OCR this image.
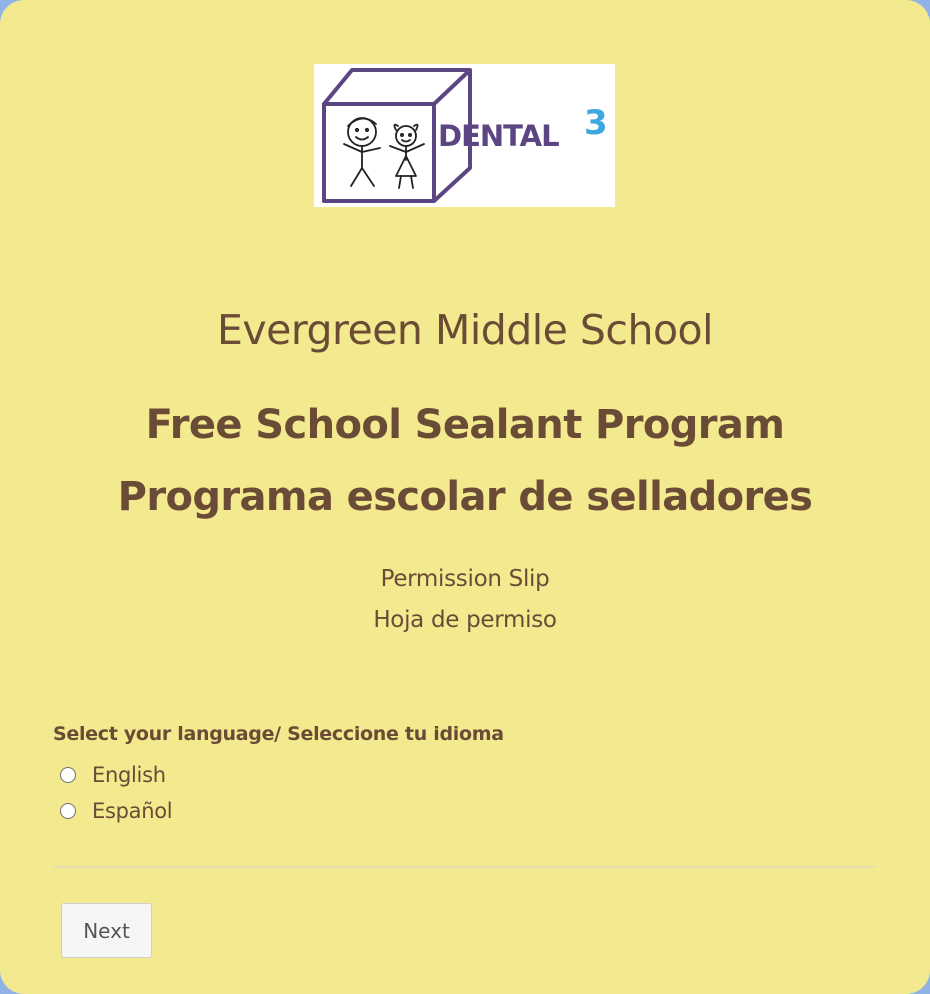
DENTAL 3
Evergreen Middle School
Free School Sealant Program
Programa escolar de selladores
Permission Slip
Hoja de permiso
Select your language/ Seleccione tu idioma
English
Español
Next
